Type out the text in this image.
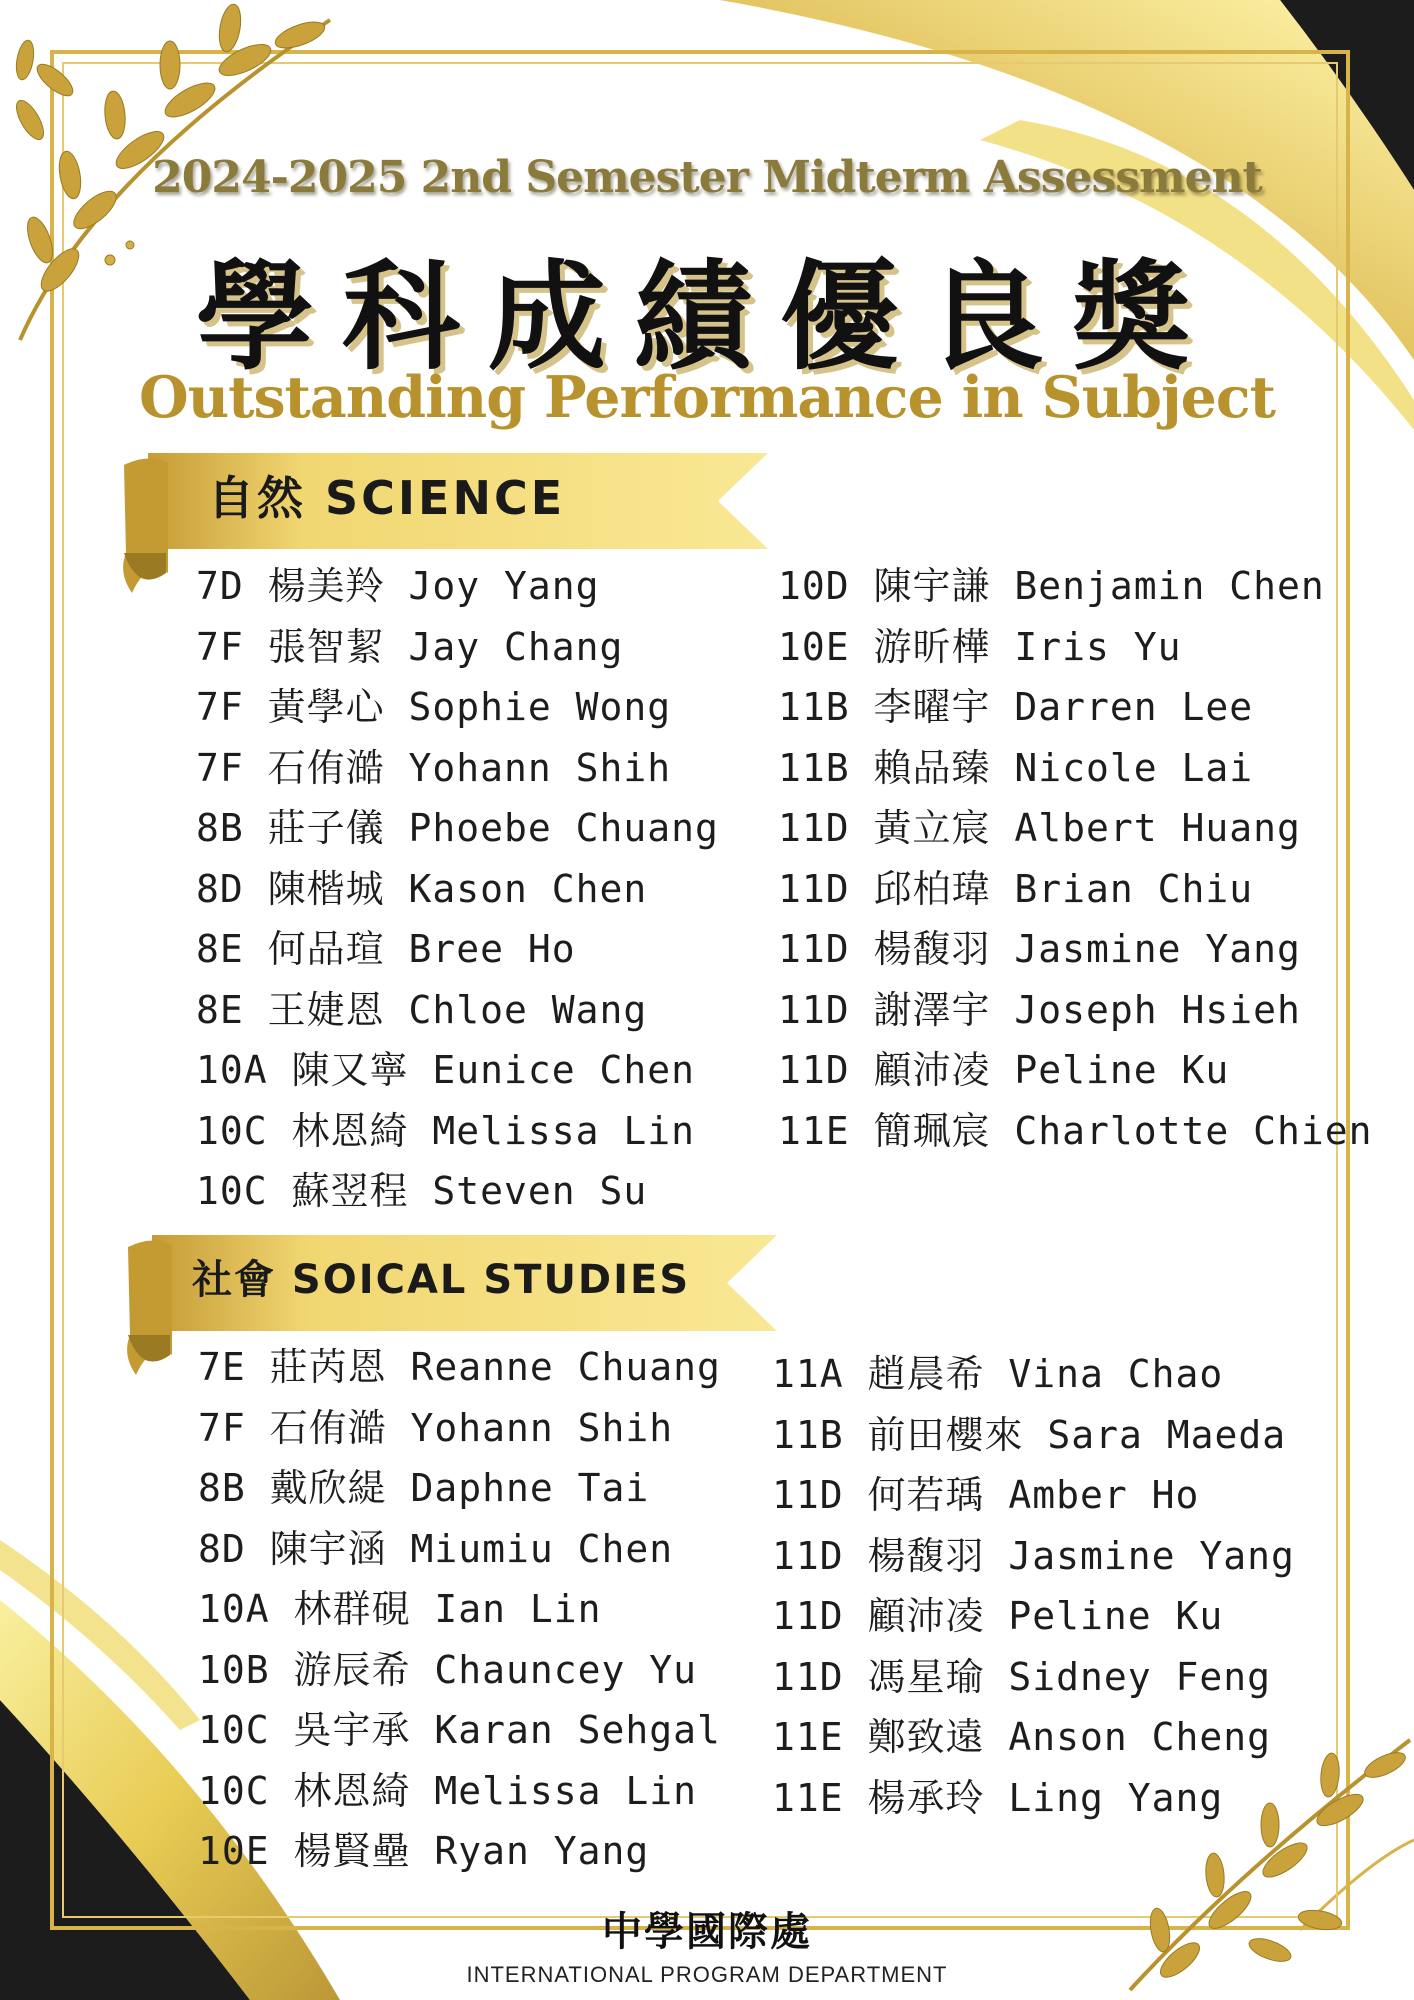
2024-2025 2nd Semester Midterm Assessment
學科成績優良獎
Outstanding Performance in Subject
自然 SCIENCE
7D 楊美羚 Joy Yang
7F 張智絜 Jay Chang
7F 黃學心 Sophie Wong
7F 石侑澔 Yohann Shih
8B 莊子儀 Phoebe Chuang
8D 陳楷城 Kason Chen
8E 何品瑄 Bree Ho
8E 王婕恩 Chloe Wang
10A 陳又寧 Eunice Chen
10C 林恩綺 Melissa Lin
10C 蘇翌程 Steven Su
10D 陳宇謙 Benjamin Chen
10E 游昕樺 Iris Yu
11B 李曜宇 Darren Lee
11B 賴品臻 Nicole Lai
11D 黃立宸 Albert Huang
11D 邱柏瑋 Brian Chiu
11D 楊馥羽 Jasmine Yang
11D 謝澤宇 Joseph Hsieh
11D 顧沛凌 Peline Ku
11E 簡珮宸 Charlotte Chien
社會 SOICAL STUDIES
7E 莊芮恩 Reanne Chuang
7F 石侑澔 Yohann Shih
8B 戴欣緹 Daphne Tai
8D 陳宇涵 Miumiu Chen
10A 林群硯 Ian Lin
10B 游辰希 Chauncey Yu
10C 吳宇承 Karan Sehgal
10C 林恩綺 Melissa Lin
10E 楊賢壘 Ryan Yang
11A 趙晨希 Vina Chao
11B 前田櫻來 Sara Maeda
11D 何若瑀 Amber Ho
11D 楊馥羽 Jasmine Yang
11D 顧沛凌 Peline Ku
11D 馮星瑜 Sidney Feng
11E 鄭致遠 Anson Cheng
11E 楊承玲 Ling Yang
中學國際處
INTERNATIONAL PROGRAM DEPARTMENT
